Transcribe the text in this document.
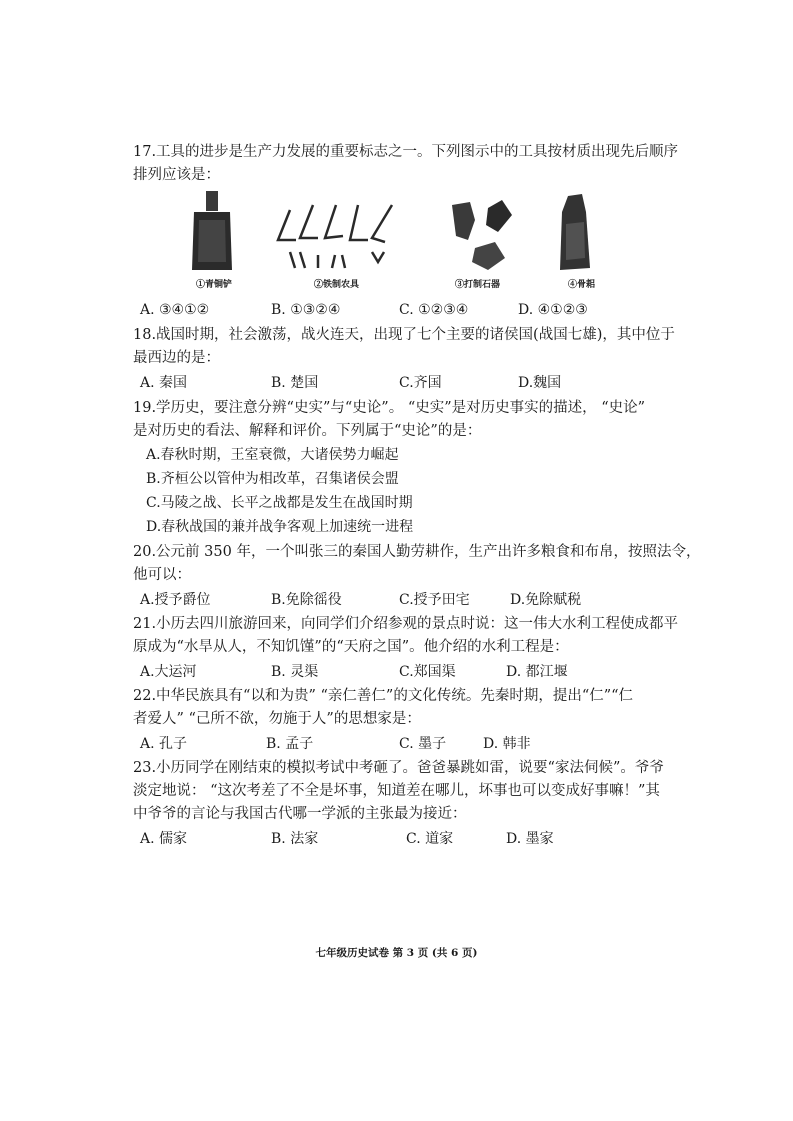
17.工具的进步是生产力发展的重要标志之一。下列图示中的工具按材质出现先后顺序
排列应该是：
①青铜铲	②铁制农具	③打制石器	④骨耜
A. ③④①②	B. ①③②④	C. ①②③④	D. ④①②③
18.战国时期，社会激荡，战火连天，出现了七个主要的诸侯国(战国七雄)，其中位于
最西边的是：
A. 秦国	B. 楚国	C.齐国	D.魏国
19.学历史，要注意分辨“史实”与“史论”。 “史实”是对历史事实的描述， “史论”
是对历史的看法、解释和评价。下列属于“史论”的是：
A.春秋时期，王室衰微，大诸侯势力崛起
B.齐桓公以管仲为相改革，召集诸侯会盟
C.马陵之战、长平之战都是发生在战国时期
D.春秋战国的兼并战争客观上加速统一进程
20.公元前 350 年，一个叫张三的秦国人勤劳耕作，生产出许多粮食和布帛，按照法令，
他可以：
A.授予爵位	B.免除徭役	C.授予田宅	D.免除赋税
21.小历去四川旅游回来，向同学们介绍参观的景点时说：这一伟大水利工程使成都平
原成为“水旱从人，不知饥馑”的“天府之国”。他介绍的水利工程是：
A.大运河	B. 灵渠	C.郑国渠	D. 都江堰
22.中华民族具有“以和为贵” “亲仁善仁”的文化传统。先秦时期，提出“仁”“仁
者爱人” “己所不欲，勿施于人”的思想家是：
A. 孔子	B. 孟子	C. 墨子	D. 韩非
23.小历同学在刚结束的模拟考试中考砸了。爸爸暴跳如雷，说要“家法伺候”。爷爷
淡定地说： “这次考差了不全是坏事，知道差在哪儿，坏事也可以变成好事嘛！”其
中爷爷的言论与我国古代哪一学派的主张最为接近：
A. 儒家	B. 法家	C. 道家	D. 墨家
七年级历史试卷 第 3 页 (共 6 页)
